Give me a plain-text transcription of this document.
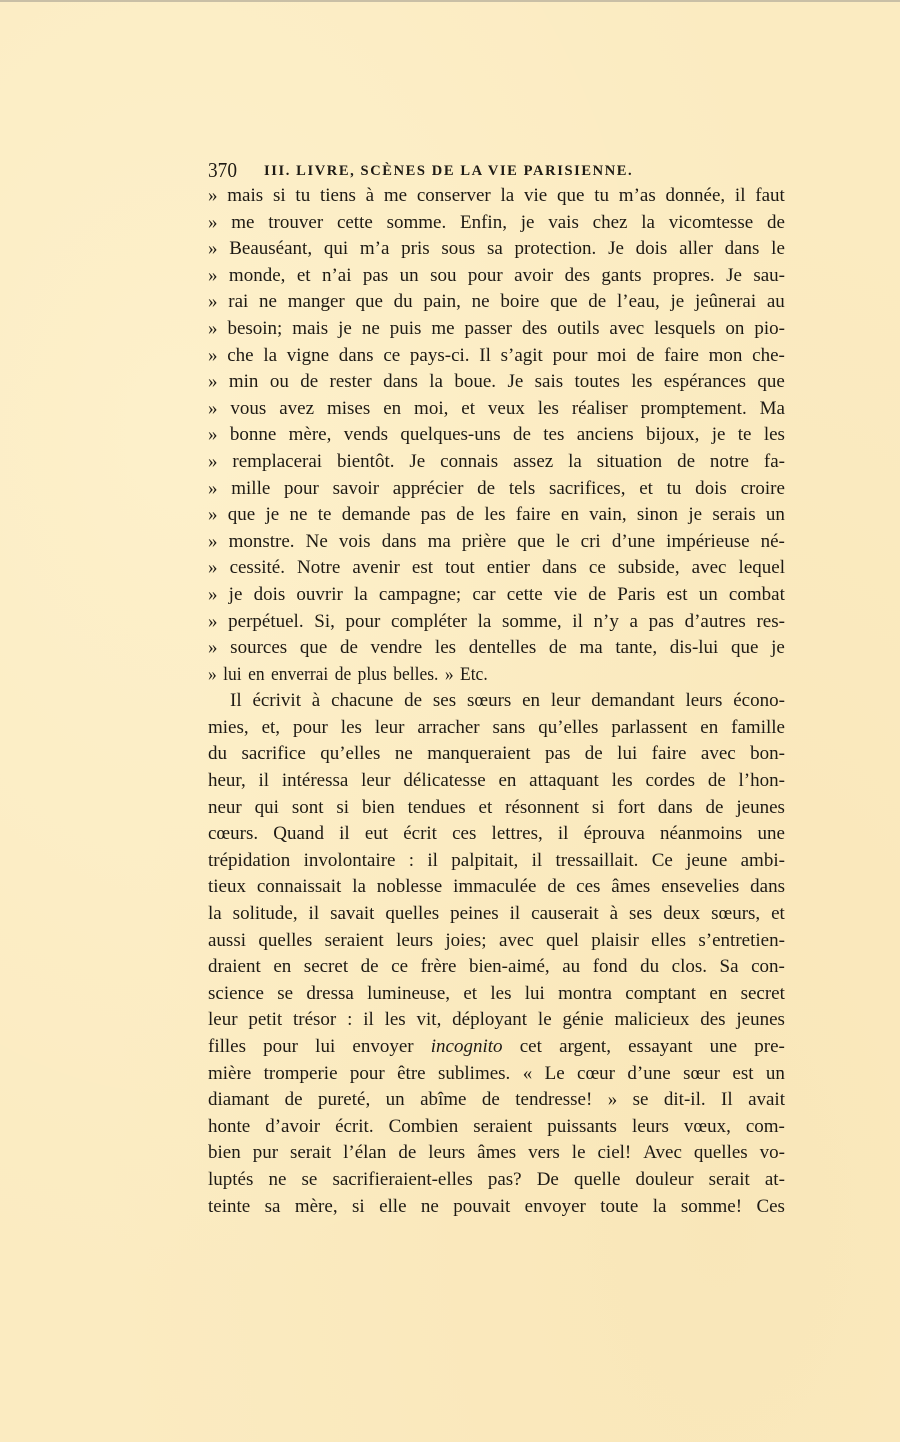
370 III. LIVRE, SCÈNES DE LA VIE PARISIENNE.
» mais si tu tiens à me conserver la vie que tu m’as donnée, il faut
» me trouver cette somme. Enfin, je vais chez la vicomtesse de
» Beauséant, qui m’a pris sous sa protection. Je dois aller dans le
» monde, et n’ai pas un sou pour avoir des gants propres. Je sau-
» rai ne manger que du pain, ne boire que de l’eau, je jeûnerai au
» besoin; mais je ne puis me passer des outils avec lesquels on pio-
» che la vigne dans ce pays-ci. Il s’agit pour moi de faire mon che-
» min ou de rester dans la boue. Je sais toutes les espérances que
» vous avez mises en moi, et veux les réaliser promptement. Ma
» bonne mère, vends quelques-uns de tes anciens bijoux, je te les
» remplacerai bientôt. Je connais assez la situation de notre fa-
» mille pour savoir apprécier de tels sacrifices, et tu dois croire
» que je ne te demande pas de les faire en vain, sinon je serais un
» monstre. Ne vois dans ma prière que le cri d’une impérieuse né-
» cessité. Notre avenir est tout entier dans ce subside, avec lequel
» je dois ouvrir la campagne; car cette vie de Paris est un combat
» perpétuel. Si, pour compléter la somme, il n’y a pas d’autres res-
» sources que de vendre les dentelles de ma tante, dis-lui que je
» lui en enverrai de plus belles. » Etc.
Il écrivit à chacune de ses sœurs en leur demandant leurs écono-
mies, et, pour les leur arracher sans qu’elles parlassent en famille
du sacrifice qu’elles ne manqueraient pas de lui faire avec bon-
heur, il intéressa leur délicatesse en attaquant les cordes de l’hon-
neur qui sont si bien tendues et résonnent si fort dans de jeunes
cœurs. Quand il eut écrit ces lettres, il éprouva néanmoins une
trépidation involontaire : il palpitait, il tressaillait. Ce jeune ambi-
tieux connaissait la noblesse immaculée de ces âmes ensevelies dans
la solitude, il savait quelles peines il causerait à ses deux sœurs, et
aussi quelles seraient leurs joies; avec quel plaisir elles s’entretien-
draient en secret de ce frère bien-aimé, au fond du clos. Sa con-
science se dressa lumineuse, et les lui montra comptant en secret
leur petit trésor : il les vit, déployant le génie malicieux des jeunes
filles pour lui envoyer incognito cet argent, essayant une pre-
mière tromperie pour être sublimes. « Le cœur d’une sœur est un
diamant de pureté, un abîme de tendresse! » se dit-il. Il avait
honte d’avoir écrit. Combien seraient puissants leurs vœux, com-
bien pur serait l’élan de leurs âmes vers le ciel! Avec quelles vo-
luptés ne se sacrifieraient-elles pas? De quelle douleur serait at-
teinte sa mère, si elle ne pouvait envoyer toute la somme! Ces
